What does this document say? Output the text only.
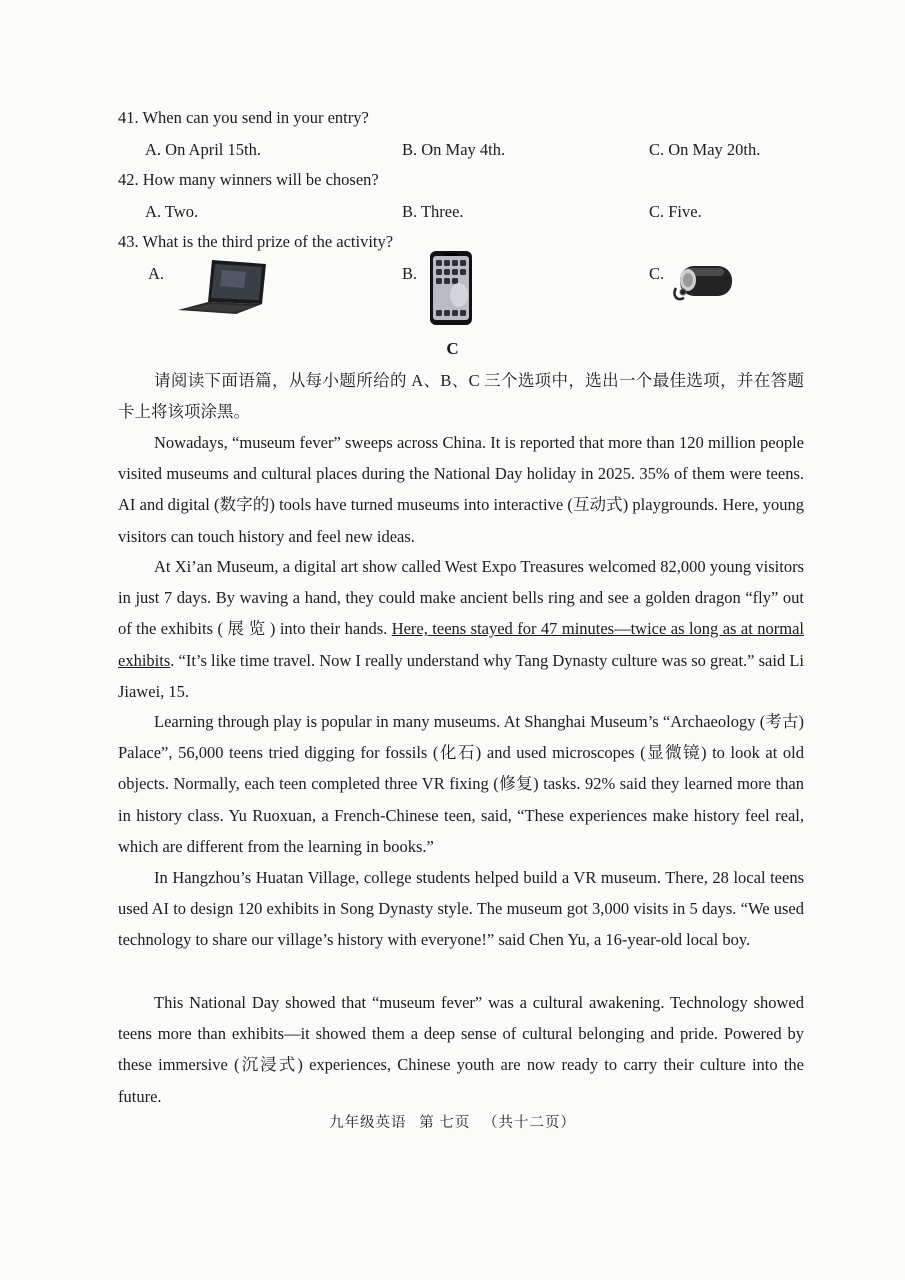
41. When can you send in your entry?
A. On April 15th.	B. On May 4th.	C. On May 20th.
42. How many winners will be chosen?
A. Two.	B. Three.	C. Five.
43. What is the third prize of the activity?
A.	B.	C.
C

请阅读下面语篇，从每小题所给的 A、B、C 三个选项中，选出一个最佳选项，并在答题卡上将该项涂黑。

Nowadays, “museum fever” sweeps across China. It is reported that more than 120 million people visited museums and cultural places during the National Day holiday in 2025. 35% of them were teens. AI and digital (数字的) tools have turned museums into interactive (互动式) playgrounds. Here, young visitors can touch history and feel new ideas.

At Xi’an Museum, a digital art show called West Expo Treasures welcomed 82,000 young visitors in just 7 days. By waving a hand, they could make ancient bells ring and see a golden dragon “fly” out of the exhibits ( 展 览 ) into their hands. Here, teens stayed for 47 minutes—twice as long as at normal exhibits. “It’s like time travel. Now I really understand why Tang Dynasty culture was so great.” said Li Jiawei, 15.

Learning through play is popular in many museums. At Shanghai Museum’s “Archaeology (考古) Palace”, 56,000 teens tried digging for fossils (化石) and used microscopes (显微镜) to look at old objects. Normally, each teen completed three VR fixing (修复) tasks. 92% said they learned more than in history class. Yu Ruoxuan, a French-Chinese teen, said, “These experiences make history feel real, which are different from the learning in books.”

In Hangzhou’s Huatan Village, college students helped build a VR museum. There, 28 local teens used AI to design 120 exhibits in Song Dynasty style. The museum got 3,000 visits in 5 days. “We used technology to share our village’s history with everyone!” said Chen Yu, a 16-year-old local boy.

This National Day showed that “museum fever” was a cultural awakening. Technology showed teens more than exhibits—it showed them a deep sense of cultural belonging and pride. Powered by these immersive (沉浸式) experiences, Chinese youth are now ready to carry their culture into the future.

九年级英语 第 七页 （共十二页）
